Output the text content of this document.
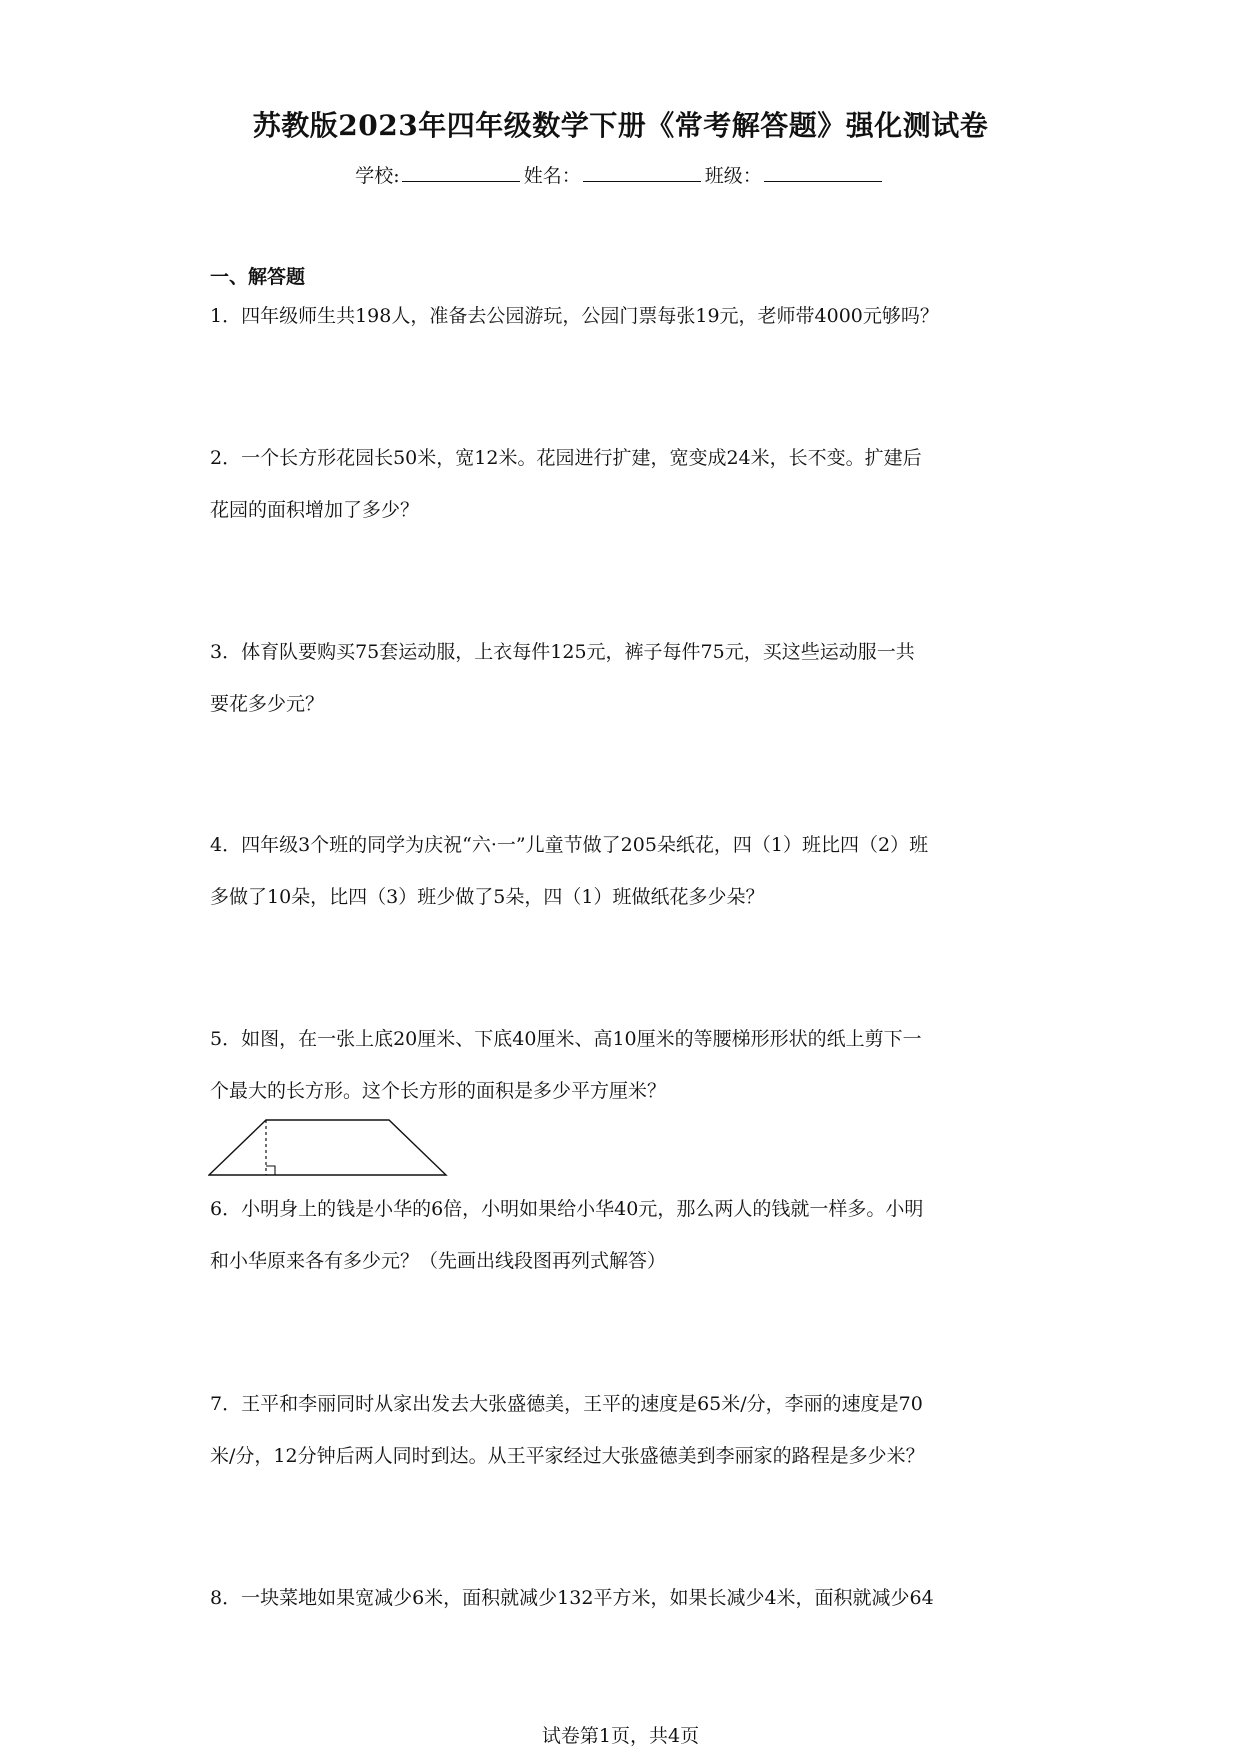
苏教版2023年四年级数学下册《常考解答题》强化测试卷
学校:	姓名：	班级：
一、解答题
1．四年级师生共198人，准备去公园游玩，公园门票每张19元，老师带4000元够吗？
2．一个长方形花园长50米，宽12米。花园进行扩建，宽变成24米，长不变。扩建后
花园的面积增加了多少？
3．体育队要购买75套运动服，上衣每件125元，裤子每件75元，买这些运动服一共
要花多少元？
4．四年级3个班的同学为庆祝“六·一”儿童节做了205朵纸花，四（1）班比四（2）班
多做了10朵，比四（3）班少做了5朵，四（1）班做纸花多少朵？
5．如图，在一张上底20厘米、下底40厘米、高10厘米的等腰梯形形状的纸上剪下一
个最大的长方形。这个长方形的面积是多少平方厘米？
6．小明身上的钱是小华的6倍，小明如果给小华40元，那么两人的钱就一样多。小明
和小华原来各有多少元？（先画出线段图再列式解答）
7．王平和李丽同时从家出发去大张盛德美，王平的速度是65米/分，李丽的速度是70
米/分，12分钟后两人同时到达。从王平家经过大张盛德美到李丽家的路程是多少米？
8．一块菜地如果宽减少6米，面积就减少132平方米，如果长减少4米，面积就减少64
试卷第1页，共4页
